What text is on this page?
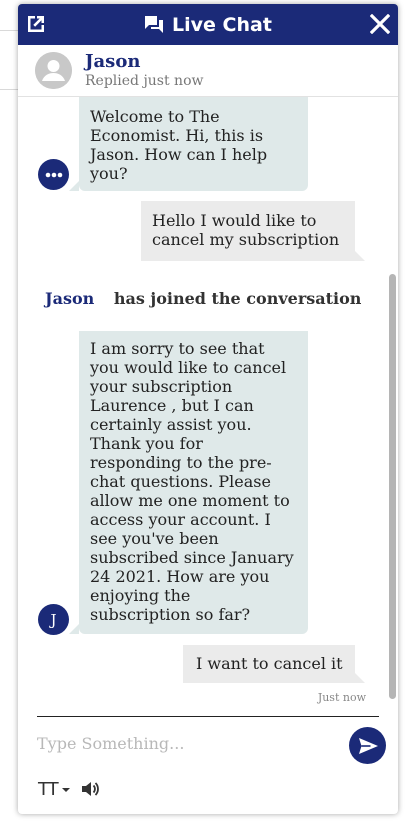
Live Chat
Jason
Replied just now
Welcome to The
Economist. Hi, this is
Jason. How can I help
you?
Hello I would like to
cancel my subscription
Jason has joined the conversation
I am sorry to see that
you would like to cancel
your subscription
Laurence , but I can
certainly assist you.
Thank you for
responding to the pre-
chat questions. Please
allow me one moment to
access your account. I
see you've been
subscribed since January
24 2021. How are you
enjoying the
subscription so far?
J
I want to cancel it
Just now
Type Something...
TT
